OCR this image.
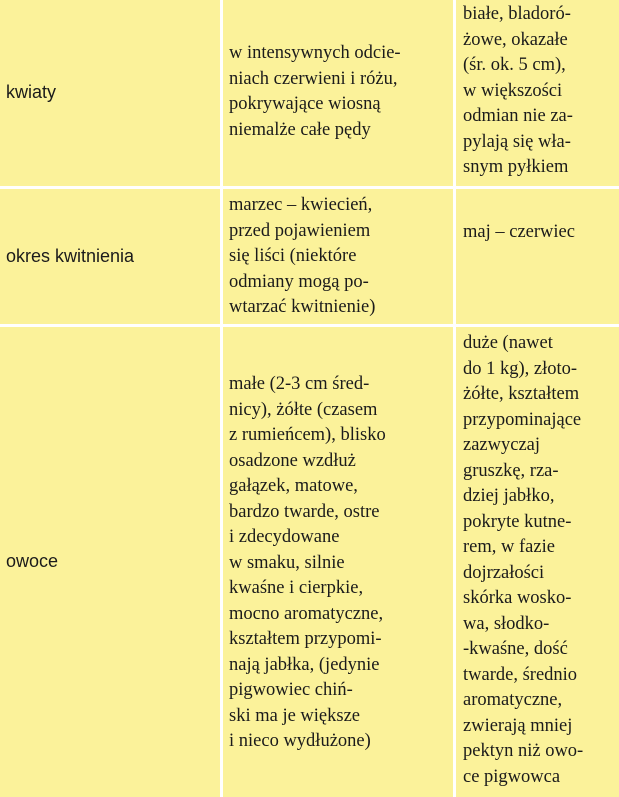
kwiaty
w intensywnych odcie-
niach czerwieni i różu,
pokrywające wiosną
niemalże całe pędy
białe, bladoró-
żowe, okazałe
(śr. ok. 5 cm),
w większości
odmian nie za-
pylają się wła-
snym pyłkiem
okres kwitnienia
marzec – kwiecień,
przed pojawieniem
się liści (niektóre
odmiany mogą po-
wtarzać kwitnienie)
maj – czerwiec
owoce
małe (2-3 cm śred-
nicy), żółte (czasem
z rumieńcem), blisko
osadzone wzdłuż
gałązek, matowe,
bardzo twarde, ostre
i zdecydowane
w smaku, silnie
kwaśne i cierpkie,
mocno aromatyczne,
kształtem przypomi-
nają jabłka, (jedynie
pigwowiec chiń-
ski ma je większe
i nieco wydłużone)
duże (nawet
do 1 kg), złoto-
żółte, kształtem
przypominające
zazwyczaj
gruszkę, rza-
dziej jabłko,
pokryte kutne-
rem, w fazie
dojrzałości
skórka wosko-
wa, słodko-
-kwaśne, dość
twarde, średnio
aromatyczne,
zwierają mniej
pektyn niż owo-
ce pigwowca
